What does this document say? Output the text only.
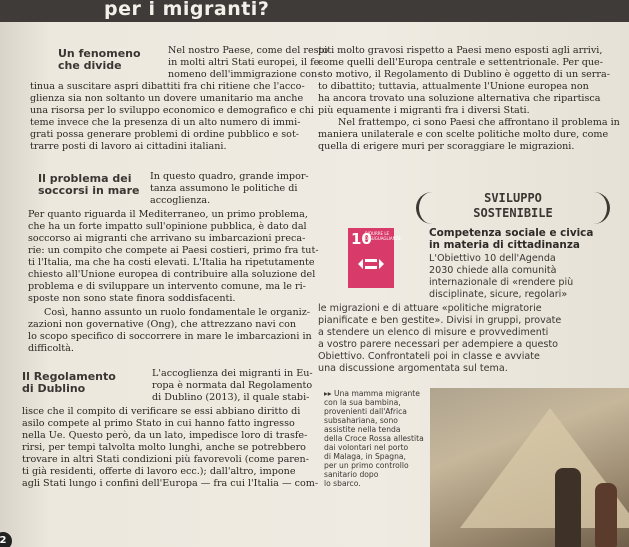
per i migranti?
Un fenomeno
che divide
Nel nostro Paese, come del resto
in molti altri Stati europei, il fe-
nomeno dell'immigrazione con-
tinua a suscitare aspri dibattiti fra chi ritiene che l'acco-
glienza sia non soltanto un dovere umanitario ma anche
una risorsa per lo sviluppo economico e demografico e chi
teme invece che la presenza di un alto numero di immi-
grati possa generare problemi di ordine pubblico e sot-
trarre posti di lavoro ai cittadini italiani.
Il problema dei
soccorsi in mare
In questo quadro, grande impor-
tanza assumono le politiche di
accoglienza.
Per quanto riguarda il Mediterraneo, un primo problema,
che ha un forte impatto sull'opinione pubblica, è dato dal
soccorso ai migranti che arrivano su imbarcazioni preca-
rie: un compito che compete ai Paesi costieri, primo fra tut-
ti l'Italia, ma che ha costi elevati. L'Italia ha ripetutamente
chiesto all'Unione europea di contribuire alla soluzione del
problema e di sviluppare un intervento comune, ma le ri-
sposte non sono state finora soddisfacenti.
Così, hanno assunto un ruolo fondamentale le organiz-
zazioni non governative (Ong), che attrezzano navi con
lo scopo specifico di soccorrere in mare le imbarcazioni in
difficoltà.
Il Regolamento
di Dublino
L'accoglienza dei migranti in Eu-
ropa è normata dal Regolamento
di Dublino (2013), il quale stabi-
lisce che il compito di verificare se essi abbiano diritto di
asilo compete al primo Stato in cui hanno fatto ingresso
nella Ue. Questo però, da un lato, impedisce loro di trasfe-
rirsi, per tempi talvolta molto lunghi, anche se potrebbero
trovare in altri Stati condizioni più favorevoli (come paren-
ti già residenti, offerte di lavoro ecc.); dall'altro, impone
agli Stati lungo i confini dell'Europa — fra cui l'Italia — com-
piti molto gravosi rispetto a Paesi meno esposti agli arrivi,
come quelli dell'Europa centrale e settentrionale. Per que-
sto motivo, il Regolamento di Dublino è oggetto di un serra-
to dibattito; tuttavia, attualmente l'Unione europea non
ha ancora trovato una soluzione alternativa che ripartisca
più equamente i migranti fra i diversi Stati.
Nel frattempo, ci sono Paesi che affrontano il problema in
maniera unilaterale e con scelte politiche molto dure, come
quella di erigere muri per scoraggiare le migrazioni.
SVILUPPO
SOSTENIBILE
10
RIDURRE LE DISUGUAGLIANZE	Competenza sociale e civica
in materia di cittadinanza
L'Obiettivo 10 dell'Agenda
2030 chiede alla comunità
internazionale di «rendere più
disciplinate, sicure, regolari»
le migrazioni e di attuare «politiche migratorie
pianificate e ben gestite». Divisi in gruppi, provate
a stendere un elenco di misure e provvedimenti
a vostro parere necessari per adempiere a questo
Obiettivo. Confrontateli poi in classe e avviate
una discussione argomentata sul tema.
▸▸ Una mamma migrante
con la sua bambina,
provenienti dall'Africa
subsahariana, sono
assistite nella tenda
della Croce Rossa allestita
dai volontari nel porto
di Malaga, in Spagna,
per un primo controllo
sanitario dopo
lo sbarco.
2
